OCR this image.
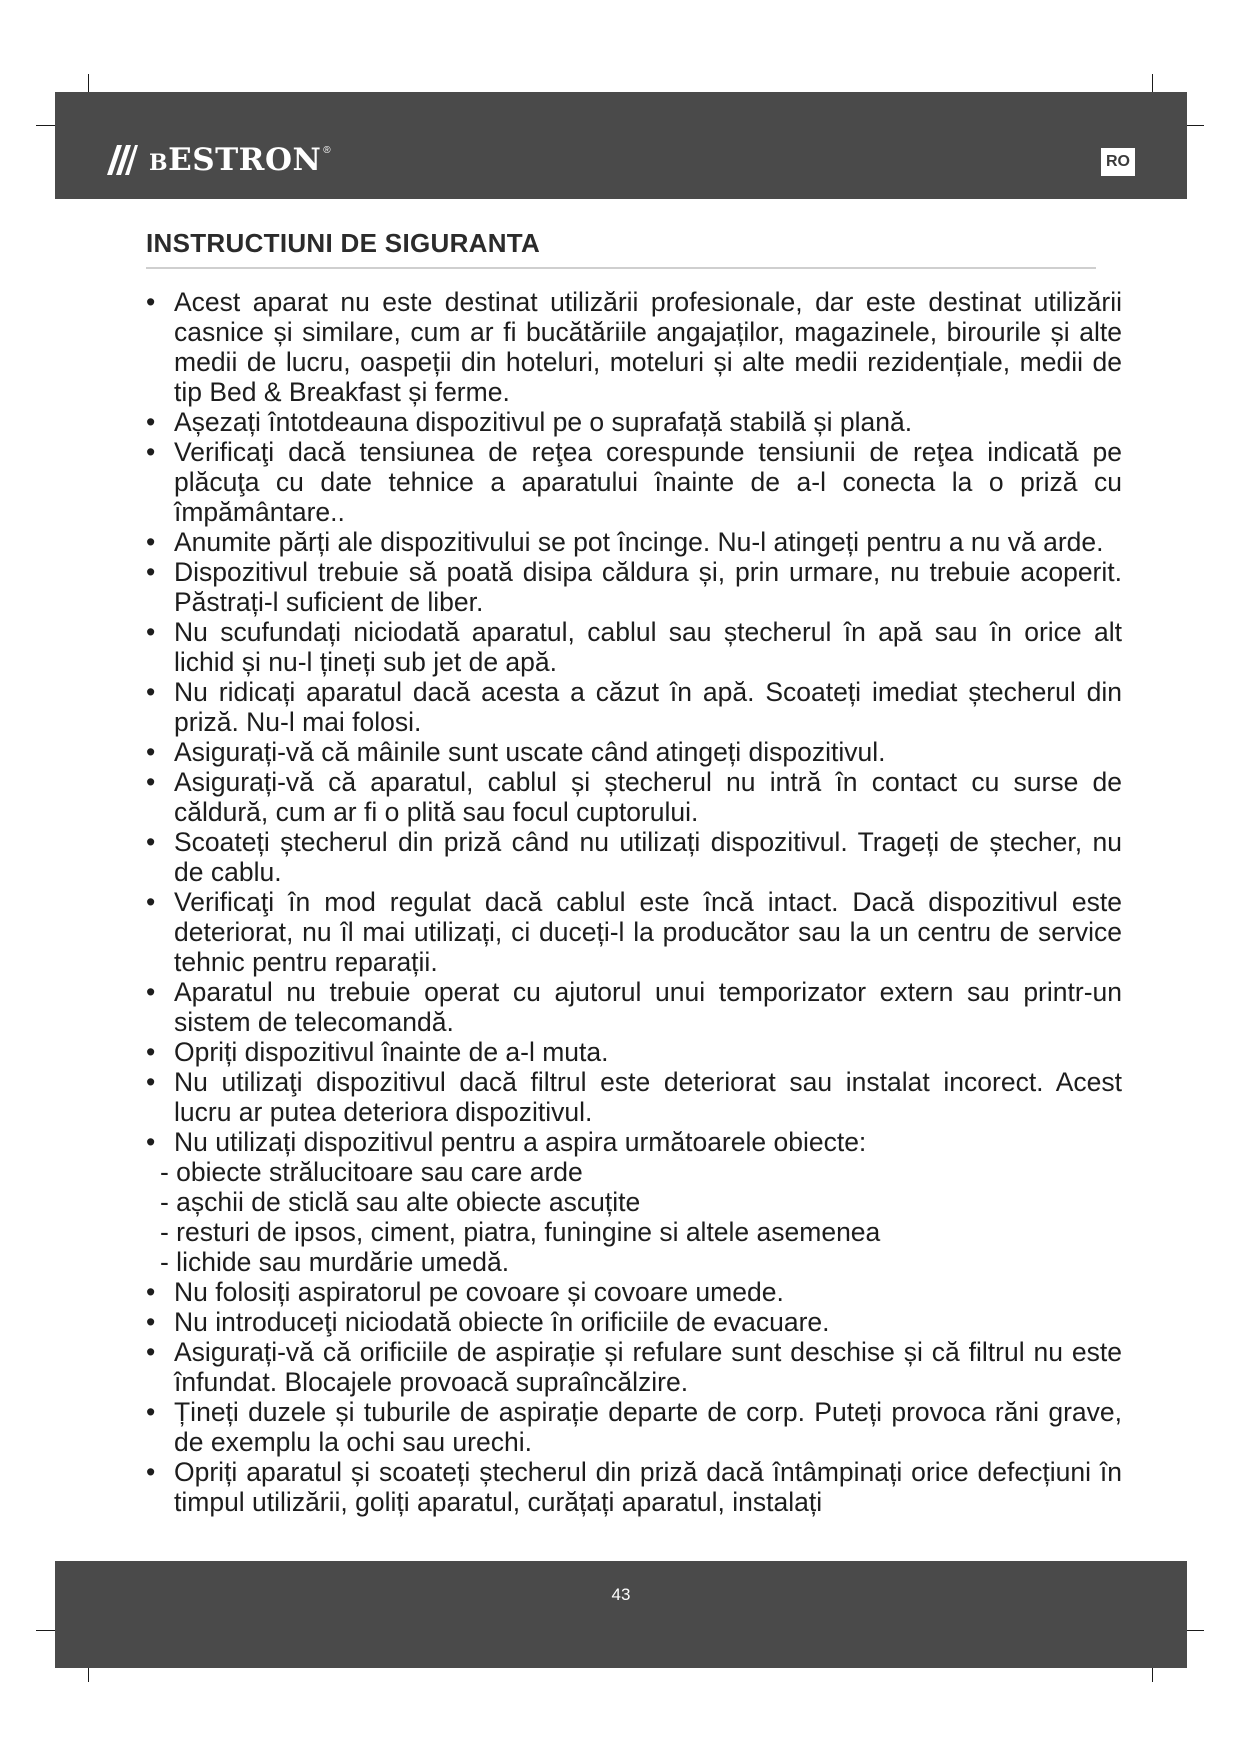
bESTRON ®
RO
INSTRUCTIUNI DE SIGURANTA
• Acest aparat nu este destinat utilizării profesionale, dar este destinat utilizării casnice și similare, cum ar fi bucătăriile angajaților, magazinele, birourile și alte medii de lucru, oaspeții din hoteluri, moteluri și alte medii rezidențiale, medii de tip Bed & Breakfast și ferme.
• Așezați întotdeauna dispozitivul pe o suprafață stabilă și plană.
• Verificaţi dacă tensiunea de reţea corespunde tensiunii de reţea indicată pe plăcuţa cu date tehnice a aparatului înainte de a-l conecta la o priză cu împământare..
• Anumite părți ale dispozitivului se pot încinge. Nu-l atingeți pentru a nu vă arde.
• Dispozitivul trebuie să poată disipa căldura și, prin urmare, nu trebuie acoperit. Păstrați-l suficient de liber.
• Nu scufundați niciodată aparatul, cablul sau ștecherul în apă sau în orice alt lichid și nu-l țineți sub jet de apă.
• Nu ridicați aparatul dacă acesta a căzut în apă. Scoateți imediat ștecherul din priză. Nu-l mai folosi.
• Asigurați-vă că mâinile sunt uscate când atingeți dispozitivul.
• Asigurați-vă că aparatul, cablul și ștecherul nu intră în contact cu surse de căldură, cum ar fi o plită sau focul cuptorului.
• Scoateți ștecherul din priză când nu utilizați dispozitivul. Trageți de ștecher, nu de cablu.
• Verificaţi în mod regulat dacă cablul este încă intact. Dacă dispozitivul este deteriorat, nu îl mai utilizați, ci duceți-l la producător sau la un centru de service tehnic pentru reparații.
• Aparatul nu trebuie operat cu ajutorul unui temporizator extern sau printr-un sistem de telecomandă.
• Opriți dispozitivul înainte de a-l muta.
• Nu utilizaţi dispozitivul dacă filtrul este deteriorat sau instalat incorect. Acest lucru ar putea deteriora dispozitivul.
• Nu utilizați dispozitivul pentru a aspira următoarele obiecte:
- obiecte strălucitoare sau care arde
- așchii de sticlă sau alte obiecte ascuțite
- resturi de ipsos, ciment, piatra, funingine si altele asemenea
- lichide sau murdărie umedă.
• Nu folosiți aspiratorul pe covoare și covoare umede.
• Nu introduceţi niciodată obiecte în orificiile de evacuare.
• Asigurați-vă că orificiile de aspirație și refulare sunt deschise și că filtrul nu este înfundat. Blocajele provoacă supraîncălzire.
• Țineți duzele și tuburile de aspirație departe de corp. Puteți provoca răni grave, de exemplu la ochi sau urechi.
• Opriți aparatul și scoateți ștecherul din priză dacă întâmpinați orice defecțiuni în timpul utilizării, goliți aparatul, curățați aparatul, instalați
43
